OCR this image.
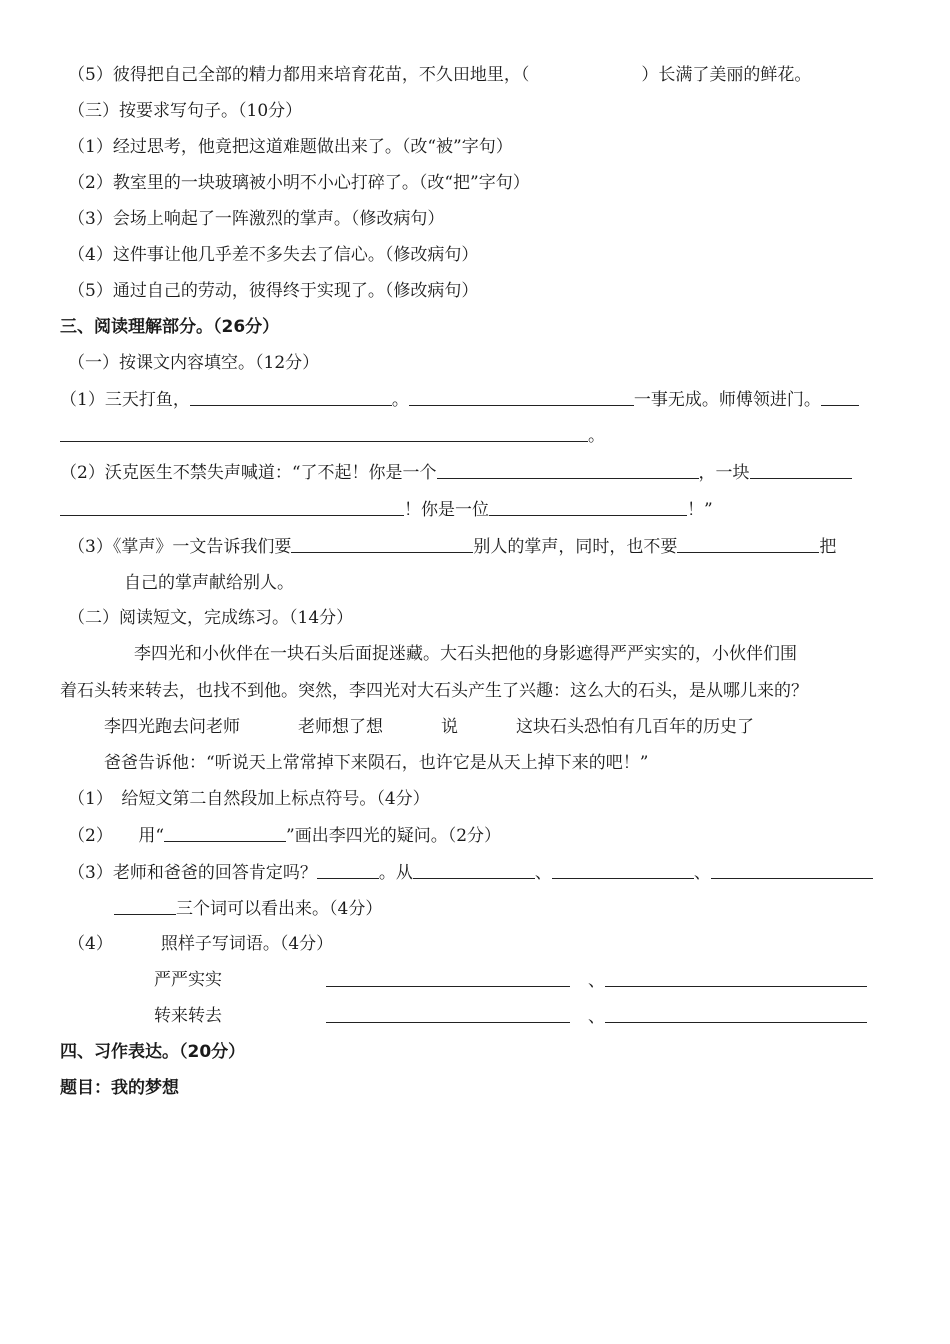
（5）彼得把自己全部的精力都用来培育花苗，不久田地里，（	）长满了美丽的鲜花。
（三）按要求写句子。（10分）
（1）经过思考，他竟把这道难题做出来了。（改“被”字句）
（2）教室里的一块玻璃被小明不小心打碎了。（改“把”字句）
（3）会场上响起了一阵激烈的掌声。（修改病句）
（4）这件事让他几乎差不多失去了信心。（修改病句）
（5）通过自己的劳动，彼得终于实现了。（修改病句）
三、阅读理解部分。（26分）
（一）按课文内容填空。（12分）
（1）三天打鱼，	。	一事无成。师傅领进门。
。
（2）沃克医生不禁失声喊道：“了不起！你是一个	，一块
！你是一位	！”
（3）《掌声》一文告诉我们要	别人的掌声，同时，也不要	把
自己的掌声献给别人。
（二）阅读短文，完成练习。（14分）
李四光和小伙伴在一块石头后面捉迷藏。大石头把他的身影遮得严严实实的，小伙伴们围
着石头转来转去，也找不到他。突然，李四光对大石头产生了兴趣：这么大的石头，是从哪儿来的？
李四光跑去问老师	老师想了想	说	这块石头恐怕有几百年的历史了
爸爸告诉他：“听说天上常常掉下来陨石，也许它是从天上掉下来的吧！”
（1）　给短文第二自然段加上标点符号。（4分）
（2）　　用“	”画出李四光的疑问。（2分）
（3）老师和爸爸的回答肯定吗？	。从	、	、
三个词可以看出来。（4分）
（4）	照样子写词语。（4分）
严严实实	、
转来转去	、
四、习作表达。（20分）
题目：我的梦想
